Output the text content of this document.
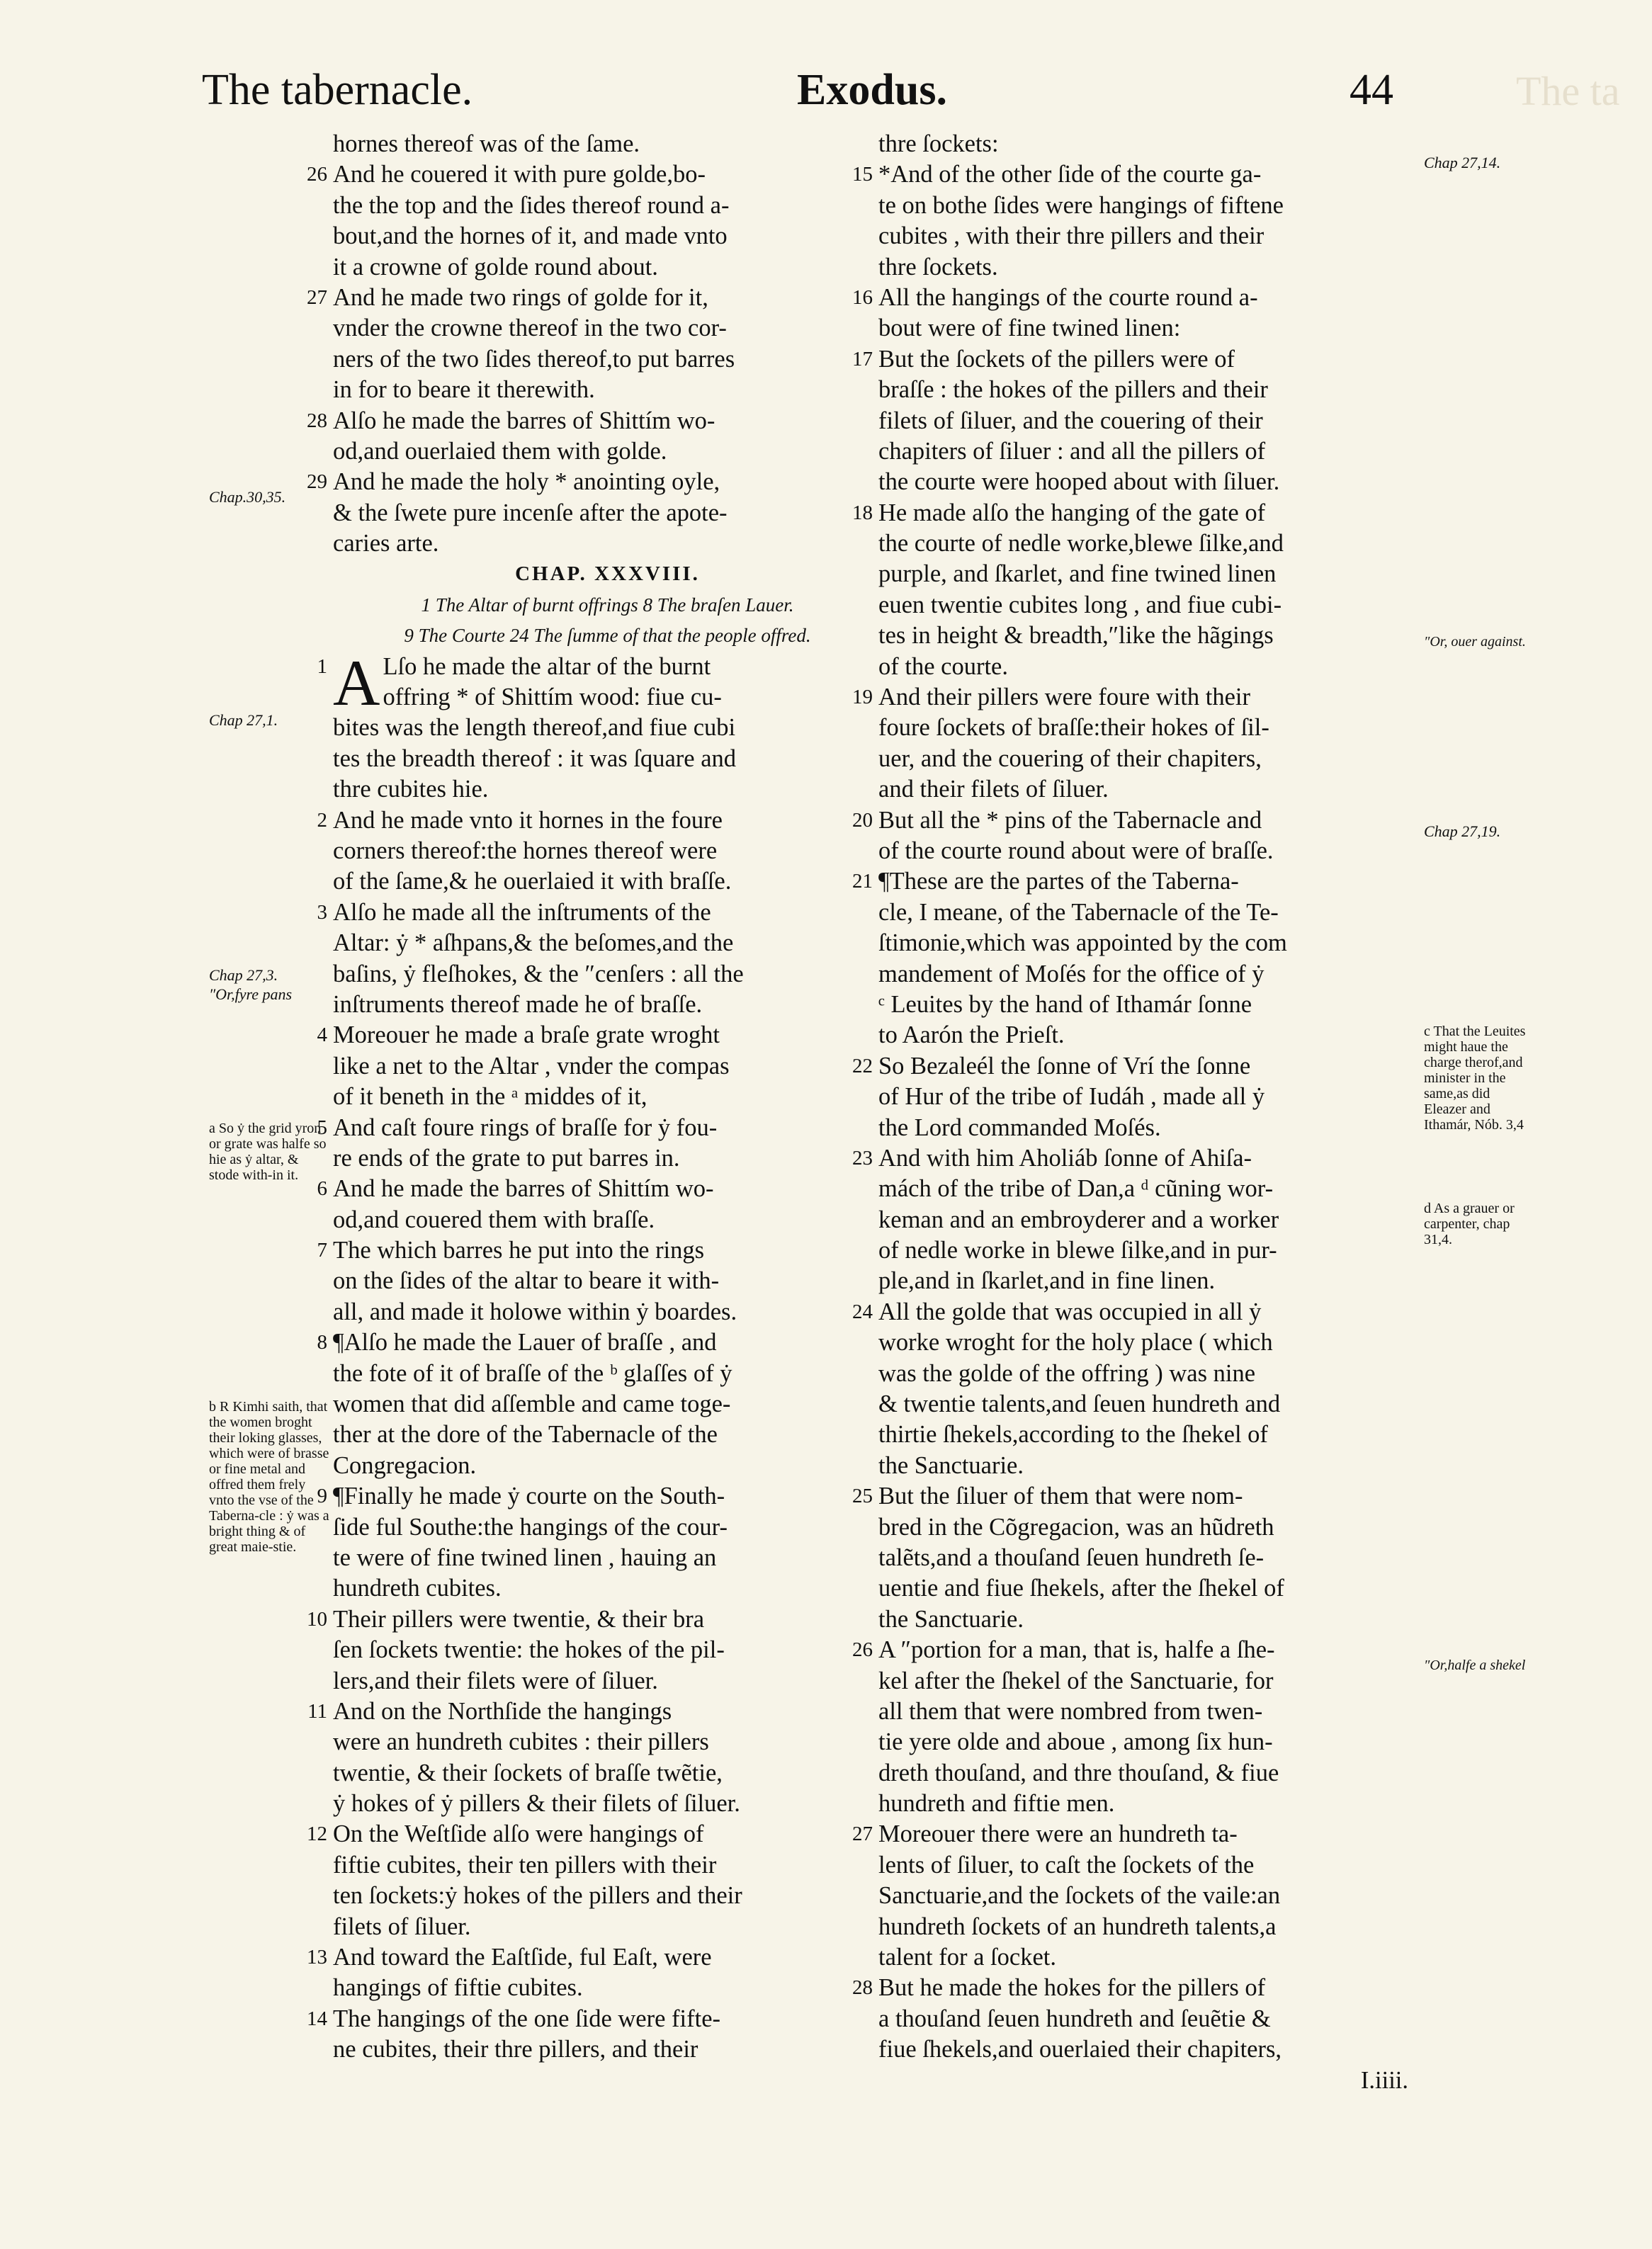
The tabernacle.	Exodus.	44	The ta
hornes thereof was of the ſame.
26 And he couered it with pure golde,bo-
the the top and the ſides thereof round a-
bout,and the hornes of it, and made vnto
it a crowne of golde round about.
27 And he made two rings of golde for it,
vnder the crowne thereof in the two cor-
ners of the two ſides thereof,to put barres
in for to beare it therewith.
28 Alſo he made the barres of Shittím wo-
od,and ouerlaied them with golde.
29 And he made the holy * anointing oyle,
& the ſwete pure incenſe after the apote-
caries arte.
CHAP. XXXVIII.
1 The Altar of burnt offrings 8 The braſen Lauer.
9 The Courte 24 The ſumme of that the people offred.
1 A Lſo he made the altar of the burnt
offring * of Shittím wood: fiue cu-
bites was the length thereof,and fiue cubi
tes the breadth thereof : it was ſquare and
thre cubites hie.
2 And he made vnto it hornes in the foure
corners thereof:the hornes thereof were
of the ſame,& he ouerlaied it with braſſe.
3 Alſo he made all the inſtruments of the
Altar: ẏ * aſhpans,& the beſomes,and the
baſins, ẏ fleſhokes, & the ″cenſers : all the
inſtruments thereof made he of braſſe.
4 Moreouer he made a braſe grate wroght
like a net to the Altar , vnder the compas
of it beneth in the ᵃ middes of it,
5 And caſt foure rings of braſſe for ẏ fou-
re ends of the grate to put barres in.
6 And he made the barres of Shittím wo-
od,and couered them with braſſe.
7 The which barres he put into the rings
on the ſides of the altar to beare it with-
all, and made it holowe within ẏ boardes.
8 ¶Alſo he made the Lauer of braſſe , and
the fote of it of braſſe of the ᵇ glaſſes of ẏ
women that did aſſemble and came toge-
ther at the dore of the Tabernacle of the
Congregacion.
9 ¶Finally he made ẏ courte on the South-
ſide ful Southe:the hangings of the cour-
te were of fine twined linen , hauing an
hundreth cubites.
10 Their pillers were twentie, & their bra
ſen ſockets twentie: the hokes of the pil-
lers,and their filets were of ſiluer.
11 And on the Northſide the hangings
were an hundreth cubites : their pillers
twentie, & their ſockets of braſſe twẽtie,
ẏ hokes of ẏ pillers & their filets of ſiluer.
12 On the Weſtſide alſo were hangings of
fiftie cubites, their ten pillers with their
ten ſockets:ẏ hokes of the pillers and their
filets of ſiluer.
13 And toward the Eaſtſide, ful Eaſt, were
hangings of fiftie cubites.
14 The hangings of the one ſide were fifte-
ne cubites, their thre pillers, and their
thre ſockets:
15 *And of the other ſide of the courte ga-
te on bothe ſides were hangings of fiftene
cubites , with their thre pillers and their
thre ſockets.
16 All the hangings of the courte round a-
bout were of fine twined linen:
17 But the ſockets of the pillers were of
braſſe : the hokes of the pillers and their
filets of ſiluer, and the couering of their
chapiters of ſiluer : and all the pillers of
the courte were hooped about with ſiluer.
18 He made alſo the hanging of the gate of
the courte of nedle worke,blewe ſilke,and
purple, and ſkarlet, and fine twined linen
euen twentie cubites long , and fiue cubi-
tes in height & breadth,″like the hãgings
of the courte.
19 And their pillers were foure with their
foure ſockets of braſſe:their hokes of ſil-
uer, and the couering of their chapiters,
and their filets of ſiluer.
20 But all the * pins of the Tabernacle and
of the courte round about were of braſſe.
21 ¶These are the partes of the Taberna-
cle, I meane, of the Tabernacle of the Te-
ſtimonie,which was appointed by the com
mandement of Moſés for the office of ẏ
ᶜ Leuites by the hand of Ithamár ſonne
to Aarón the Prieſt.
22 So Bezaleél the ſonne of Vrí the ſonne
of Hur of the tribe of Iudáh , made all ẏ
the Lord commanded Moſés.
23 And with him Aholiáb ſonne of Ahiſa-
mách of the tribe of Dan,a ᵈ cũning wor-
keman and an embroyderer and a worker
of nedle worke in blewe ſilke,and in pur-
ple,and in ſkarlet,and in fine linen.
24 All the golde that was occupied in all ẏ
worke wroght for the holy place ( which
was the golde of the offring ) was nine
& twentie talents,and ſeuen hundreth and
thirtie ſhekels,according to the ſhekel of
the Sanctuarie.
25 But the ſiluer of them that were nom-
bred in the Cõgregacion, was an hũdreth
talẽts,and a thouſand ſeuen hundreth ſe-
uentie and fiue ſhekels, after the ſhekel of
the Sanctuarie.
26 A ″portion for a man, that is, halfe a ſhe-
kel after the ſhekel of the Sanctuarie, for
all them that were nombred from twen-
tie yere olde and aboue , among ſix hun-
dreth thouſand, and thre thouſand, & fiue
hundreth and fiftie men.
27 Moreouer there were an hundreth ta-
lents of ſiluer, to caſt the ſockets of the
Sanctuarie,and the ſockets of the vaile:an
hundreth ſockets of an hundreth talents,a
talent for a ſocket.
28 But he made the hokes for the pillers of
a thouſand ſeuen hundreth and ſeuẽtie &
fiue ſhekels,and ouerlaied their chapiters,
I.iiii.
Chap.30,35.
Chap 27,1.
Chap 27,3.
″Or,fyre pans
a So ẏ the grid yron or grate was halfe so hie as ẏ altar, & stode with-in it.
b R Kimhi saith, that the women broght their loking glasses, which were of brasse or fine metal and offred them frely vnto the vse of the Taberna-cle : ẏ was a bright thing & of great maie-stie.
Chap 27,14.
″Or, ouer against.
Chap 27,19.
c That the Leuites might haue the charge therof,and minister in the same,as did Eleazer and Ithamár, Nób. 3,4
d As a grauer or carpenter, chap 31,4.
″Or,halfe a shekel
